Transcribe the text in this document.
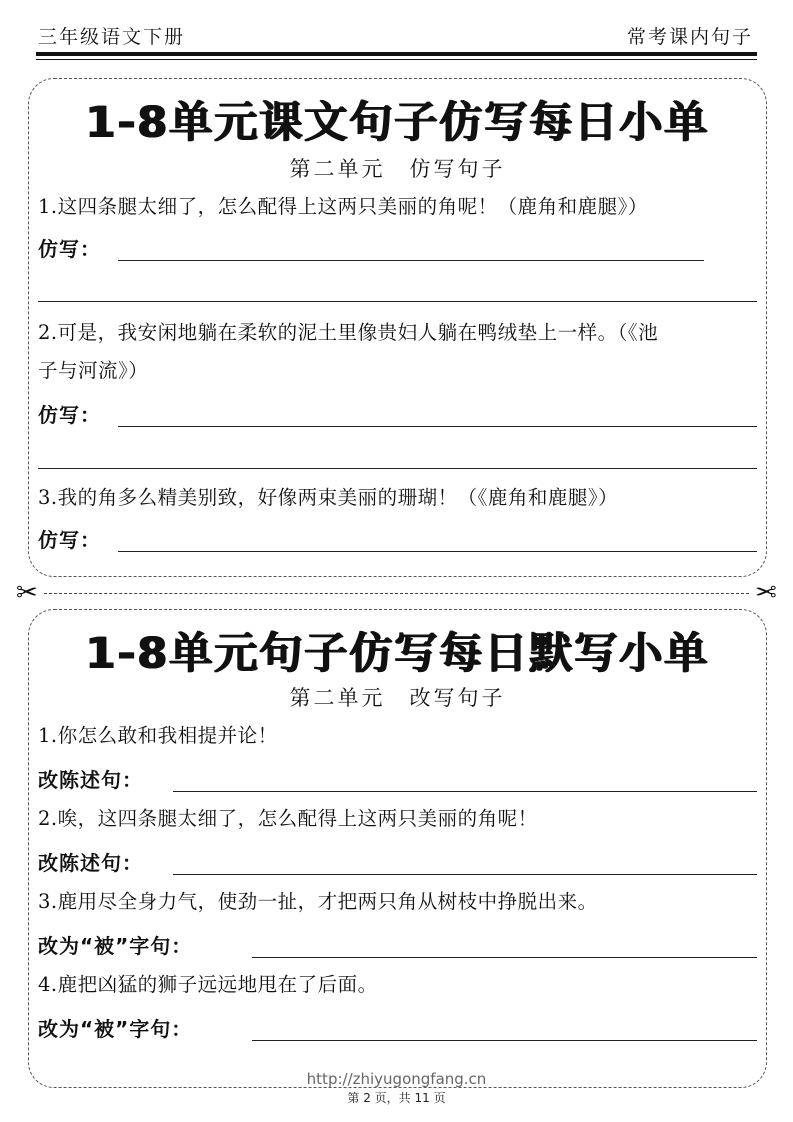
三年级语文下册	常考课内句子
1-8单元课文句子仿写每日小单
第二单元　仿写句子
1.这四条腿太细了，怎么配得上这两只美丽的角呢！（鹿角和鹿腿》）
仿写：
2.可是，我安闲地躺在柔软的泥土里像贵妇人躺在鸭绒垫上一样。（《池
子与河流》）
仿写：
3.我的角多么精美别致，好像两束美丽的珊瑚！（《鹿角和鹿腿》）
仿写：
✂	✂
1-8单元句子仿写每日默写小单
第二单元　改写句子
1.你怎么敢和我相提并论！
改陈述句：
2.唉，这四条腿太细了，怎么配得上这两只美丽的角呢！
改陈述句：
3.鹿用尽全身力气，使劲一扯，才把两只角从树枝中挣脱出来。
改为“被”字句：
4.鹿把凶猛的狮子远远地甩在了后面。
改为“被”字句：
http://zhiyugongfang.cn
第 2 页，共 11 页
